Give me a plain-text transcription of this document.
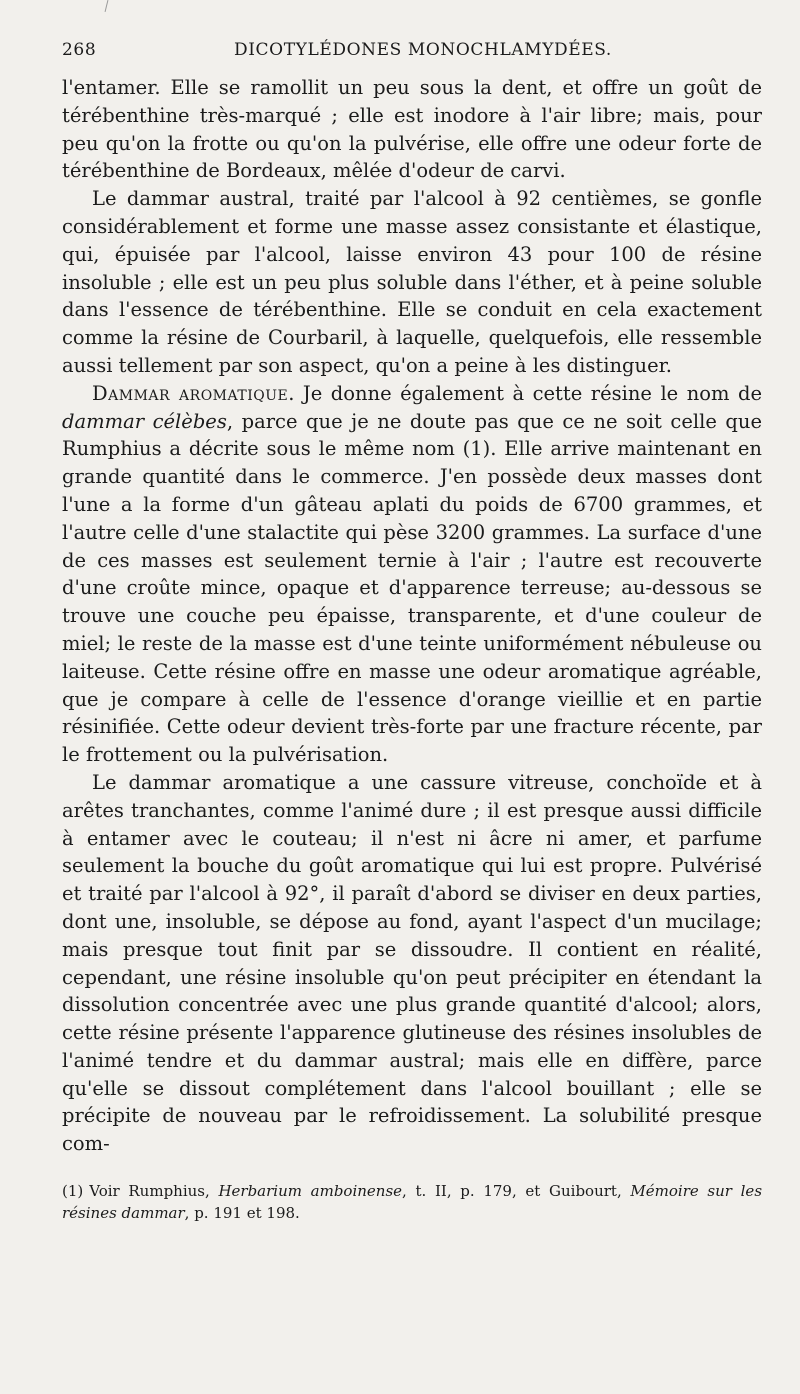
268	DICOTYLÉDONES MONOCHLAMYDÉES.

l'entamer. Elle se ramollit un peu sous la dent, et offre un goût de térébenthine très-marqué ; elle est inodore à l'air libre; mais, pour peu qu'on la frotte ou qu'on la pulvérise, elle offre une odeur forte de térébenthine de Bordeaux, mêlée d'odeur de carvi.

Le dammar austral, traité par l'alcool à 92 centièmes, se gonfle considérablement et forme une masse assez consistante et élastique, qui, épuisée par l'alcool, laisse environ 43 pour 100 de résine insoluble ; elle est un peu plus soluble dans l'éther, et à peine soluble dans l'essence de térébenthine. Elle se conduit en cela exactement comme la résine de Courbaril, à laquelle, quelquefois, elle ressemble aussi tellement par son aspect, qu'on a peine à les distinguer.

Dammar aromatique. Je donne également à cette résine le nom de dammar célèbes, parce que je ne doute pas que ce ne soit celle que Rumphius a décrite sous le même nom (1). Elle arrive maintenant en grande quantité dans le commerce. J'en possède deux masses dont l'une a la forme d'un gâteau aplati du poids de 6700 grammes, et l'autre celle d'une stalactite qui pèse 3200 grammes. La surface d'une de ces masses est seulement ternie à l'air ; l'autre est recouverte d'une croûte mince, opaque et d'apparence terreuse; au-dessous se trouve une couche peu épaisse, transparente, et d'une couleur de miel; le reste de la masse est d'une teinte uniformément nébuleuse ou laiteuse. Cette résine offre en masse une odeur aromatique agréable, que je compare à celle de l'essence d'orange vieillie et en partie résinifiée. Cette odeur devient très-forte par une fracture récente, par le frottement ou la pulvérisation.

Le dammar aromatique a une cassure vitreuse, conchoïde et à arêtes tranchantes, comme l'animé dure ; il est presque aussi difficile à entamer avec le couteau; il n'est ni âcre ni amer, et parfume seulement la bouche du goût aromatique qui lui est propre. Pulvérisé et traité par l'alcool à 92°, il paraît d'abord se diviser en deux parties, dont une, insoluble, se dépose au fond, ayant l'aspect d'un mucilage; mais presque tout finit par se dissoudre. Il contient en réalité, cependant, une résine insoluble qu'on peut précipiter en étendant la dissolution concentrée avec une plus grande quantité d'alcool; alors, cette résine présente l'apparence glutineuse des résines insolubles de l'animé tendre et du dammar austral; mais elle en diffère, parce qu'elle se dissout complétement dans l'alcool bouillant ; elle se précipite de nouveau par le refroidissement. La solubilité presque com-

(1) Voir Rumphius, Herbarium amboinense, t. II, p. 179, et Guibourt, Mémoire sur les résines dammar, p. 191 et 198.
